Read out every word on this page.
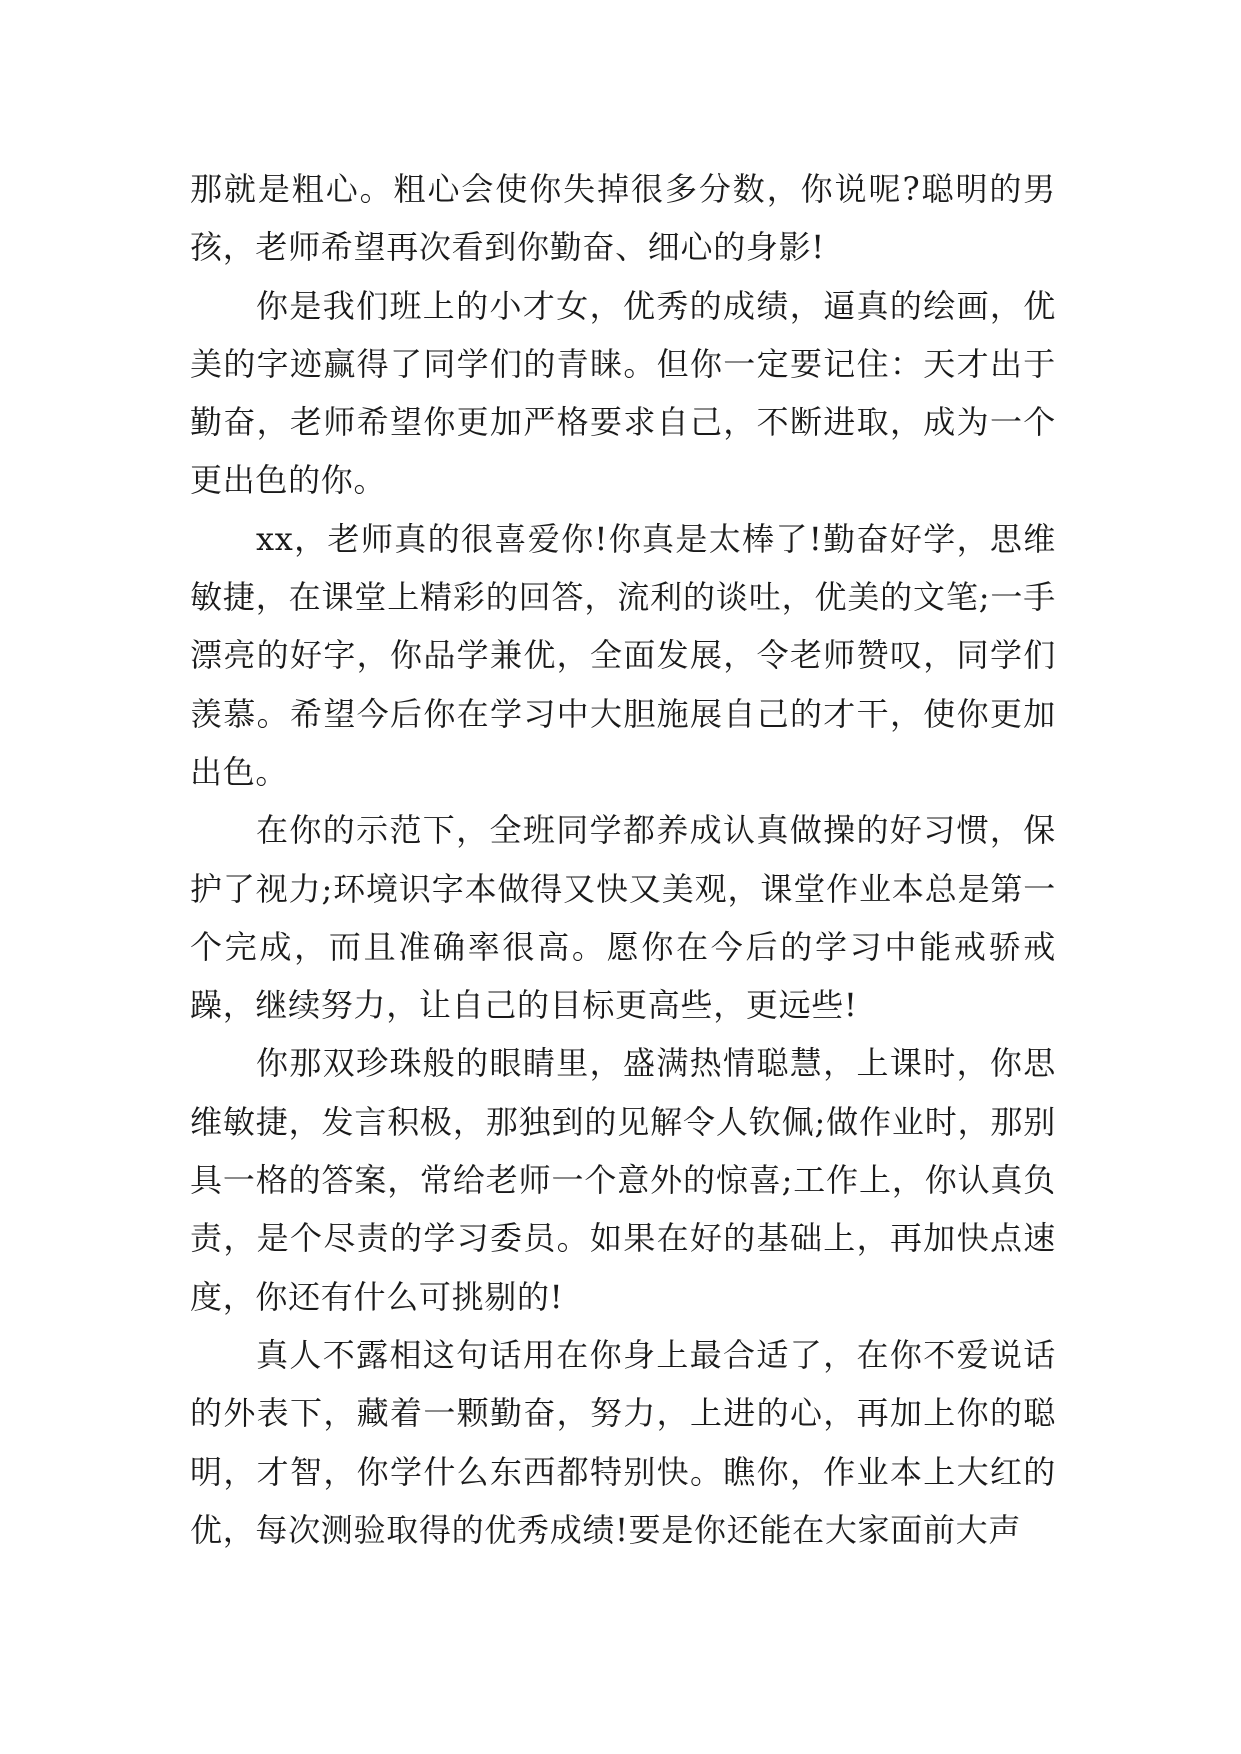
那就是粗心。粗心会使你失掉很多分数，你说呢?聪明的男孩，老师希望再次看到你勤奋、细心的身影!

你是我们班上的小才女，优秀的成绩，逼真的绘画，优美的字迹赢得了同学们的青睐。但你一定要记住：天才出于勤奋，老师希望你更加严格要求自己，不断进取，成为一个更出色的你。

xx，老师真的很喜爱你!你真是太棒了!勤奋好学，思维敏捷，在课堂上精彩的回答，流利的谈吐，优美的文笔;一手漂亮的好字，你品学兼优，全面发展，令老师赞叹，同学们羡慕。希望今后你在学习中大胆施展自己的才干，使你更加出色。

在你的示范下，全班同学都养成认真做操的好习惯，保护了视力;环境识字本做得又快又美观，课堂作业本总是第一个完成，而且准确率很高。愿你在今后的学习中能戒骄戒躁，继续努力，让自己的目标更高些，更远些!

你那双珍珠般的眼睛里，盛满热情聪慧，上课时，你思维敏捷，发言积极，那独到的见解令人钦佩;做作业时，那别具一格的答案，常给老师一个意外的惊喜;工作上，你认真负责，是个尽责的学习委员。如果在好的基础上，再加快点速度，你还有什么可挑剔的!

真人不露相这句话用在你身上最合适了，在你不爱说话的外表下，藏着一颗勤奋，努力，上进的心，再加上你的聪明，才智，你学什么东西都特别快。瞧你，作业本上大红的优，每次测验取得的优秀成绩!要是你还能在大家面前大声
